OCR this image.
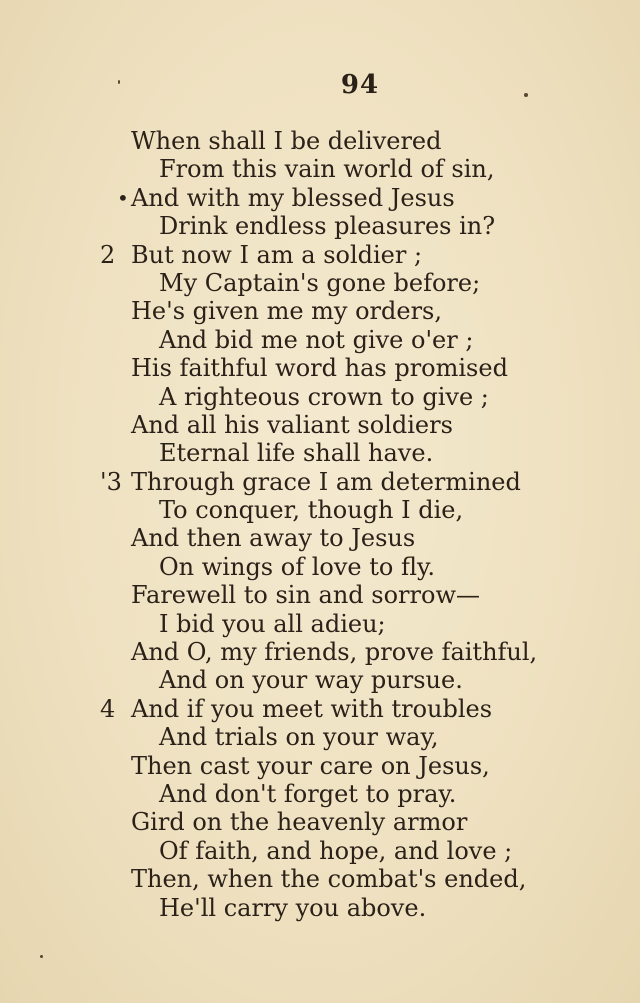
94
When shall I be delivered
From this vain world of sin,
• And with my blessed Jesus
Drink endless pleasures in?
2 But now I am a soldier ;
My Captain's gone before;
He's given me my orders,
And bid me not give o'er ;
His faithful word has promised
A righteous crown to give ;
And all his valiant soldiers
Eternal life shall have.
'3 Through grace I am determined
To conquer, though I die,
And then away to Jesus
On wings of love to fly.
Farewell to sin and sorrow—
I bid you all adieu;
And O, my friends, prove faithful,
And on your way pursue.
4 And if you meet with troubles
And trials on your way,
Then cast your care on Jesus,
And don't forget to pray.
Gird on the heavenly armor
Of faith, and hope, and love ;
Then, when the combat's ended,
He'll carry you above.
